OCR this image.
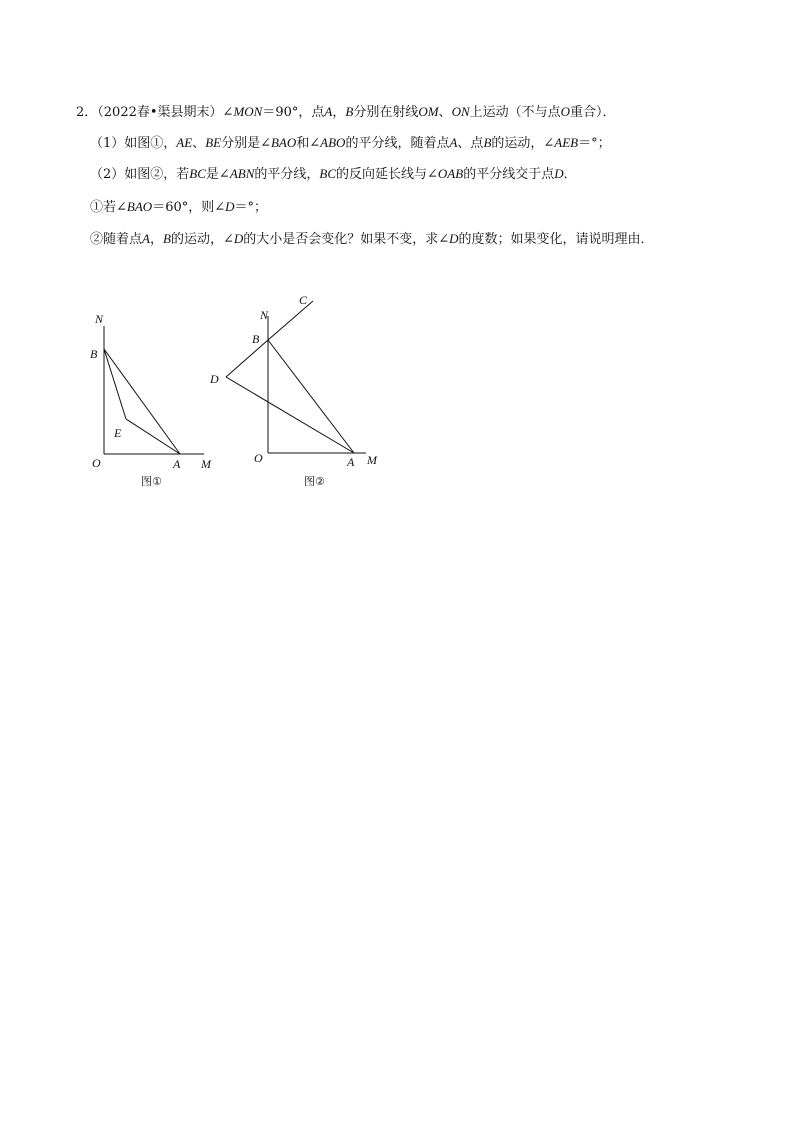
2．（2022春•渠县期末）∠MON＝90°，点A，B分别在射线OM、ON上运动（不与点O重合）．
（1）如图①，AE、BE分别是∠BAO和∠ABO的平分线，随着点A、点B的运动，∠AEB＝°；
（2）如图②，若BC是∠ABN的平分线，BC的反向延长线与∠OAB的平分线交于点D．
①若∠BAO＝60°，则∠D＝°；
②随着点A，B的运动，∠D的大小是否会变化？如果不变，求∠D的度数；如果变化，请说明理由．
N
B
E
O	A M
图①
N
C
B
D
O	A M
图②
